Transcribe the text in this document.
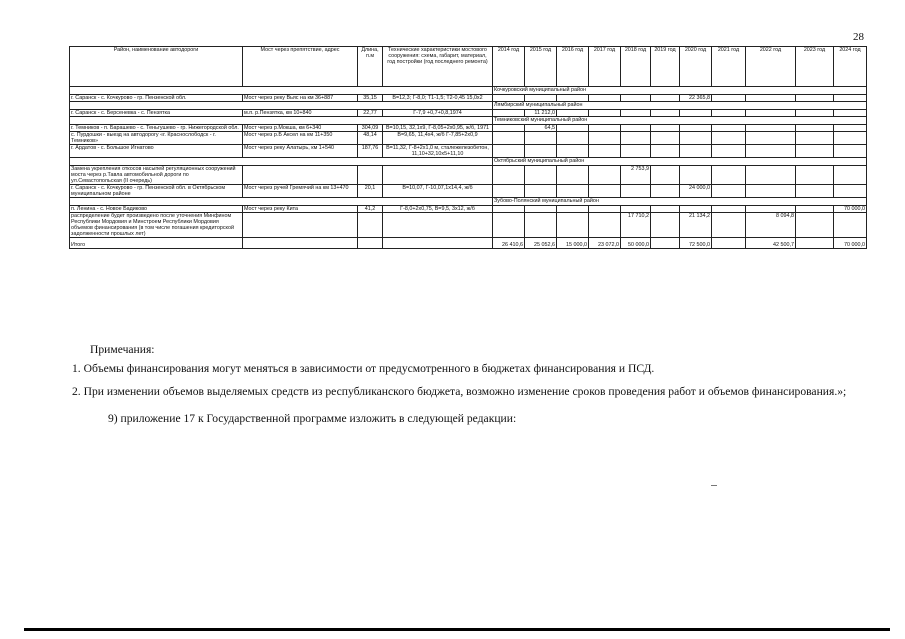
28
Район, наименование автодороги	Мост через препятствие, адрес	Длина, п.м	Технические характеристики мостового сооружения: схема, габарит, материал, год постройки (год последнего ремонта)	2014 год	2015 год	2016 год	2017 год	2018 год	2019 год	2020 год	2021 год	2022 год	2023 год	2024 год
				Кочкуровский муниципальный район										
г. Саранск - с. Кочкурово - гр. Пензенской обл.	Мост через реку Вьяс на км 36+887	35,15	В=12,3; Г-8,0; Т1-1,5; Т2-0,45 15,0х2							22 365,8				
				Лямбирский муниципальный район										
г. Саранск - с. Берсеневка - с. Пензятка	м.п. р.Пензятка, км 10+840	22,77	Г-7,9 +0,7+0,8,1974		11 212,0									
				Темниковский муниципальный район										
г. Темников - п. Барашево - с. Теньгушево - гр. Нижегородской обл.	Мост через р.Мокша, км 6+340	304,09	В=10,15, 32,1х9, Г-8,05+2х0,95, ж/б, 1971		64,5									
с. Пурдошки - выезд на автодорогу «г. Краснослободск - г. Темников»	Мост через р.Б Аксел на км 11+350	48,14	В=9,65, 11,4х4, ж/б Г-7,85+2х0,9											
г. Ардатов - с. Большое Игнатово	Мост через реку Алатырь, км 1+540	187,76	В=11,32, Г-8+2х1,0 м, сталежелезобетон, 11,10+32,10х5+11,10											
				Октябрьский муниципальный район										
Замена укрепления откосов насыпей регуляционных сооружений моста через р.Тавла автомобильной дороги по ул.Севастопольская (II очередь)								2 753,9						
г. Саранск - с. Кочкурово - гр. Пензенской обл. в Октябрьском муниципальном районе	Мост через ручей Гремячий на км 13+470	20,1	В=10,07, Г-10,07,1х14,4, ж/б							24 000,0				
				Зубово-Полянский муниципальный район										
п. Ленина - с. Новое Бадиково	Мост через реку Кита	41,2	Г-8,0+2х0,75, В=9,5, 3х12, ж/б											70 000,0
распределение будет произведено после уточнения Минфином Республики Мордовия и Минстроем Республики Мордовия объемов финансирования (в том числе погашения кредиторской задолженности прошлых лет)								17 710,2		21 134,2		8 094,8		
Итого				26 410,6	25 052,6	15 000,0	23 072,0	50 000,0		72 500,0		42 500,7		70 000,0

Примечания:

1. Объемы финансирования могут меняться в зависимости от предусмотренного в бюджетах финансирования и ПСД.

2. При изменении объемов выделяемых средств из республиканского бюджета, возможно изменение сроков проведения работ и объемов финансирования.»;

9) приложение 17 к Государственной программе изложить в следующей редакции:
